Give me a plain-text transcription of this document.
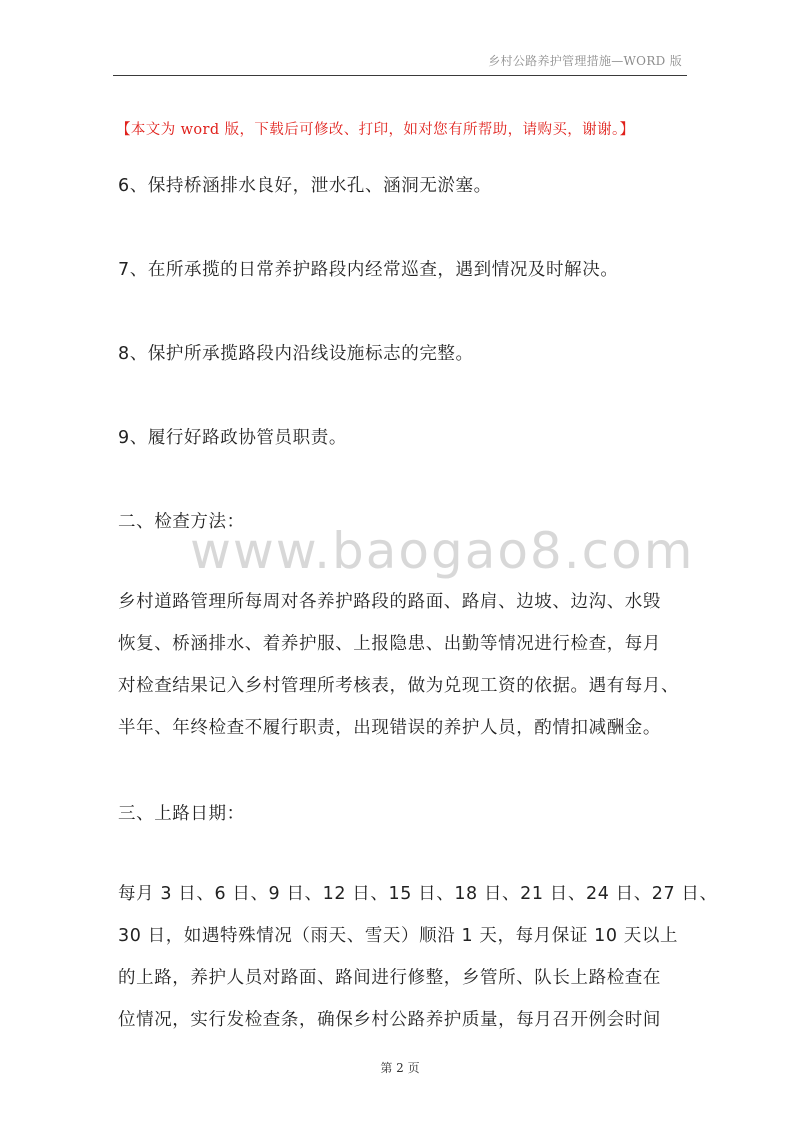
乡村公路养护管理措施—WORD 版
【本文为 word 版，下载后可修改、打印，如对您有所帮助，请购买，谢谢。】
6、保持桥涵排水良好，泄水孔、涵洞无淤塞。
7、在所承揽的日常养护路段内经常巡查，遇到情况及时解决。
8、保护所承揽路段内沿线设施标志的完整。
9、履行好路政协管员职责。
二、检查方法：
www.baogao8.com
乡村道路管理所每周对各养护路段的路面、路肩、边坡、边沟、水毁
恢复、桥涵排水、着养护服、上报隐患、出勤等情况进行检查，每月
对检查结果记入乡村管理所考核表，做为兑现工资的依据。遇有每月、
半年、年终检查不履行职责，出现错误的养护人员，酌情扣减酬金。
三、上路日期：
每月 3 日、6 日、9 日、12 日、15 日、18 日、21 日、24 日、27 日、
30 日，如遇特殊情况（雨天、雪天）顺沿 1 天，每月保证 10 天以上
的上路，养护人员对路面、路间进行修整，乡管所、队长上路检查在
位情况，实行发检查条，确保乡村公路养护质量，每月召开例会时间
第 2 页
